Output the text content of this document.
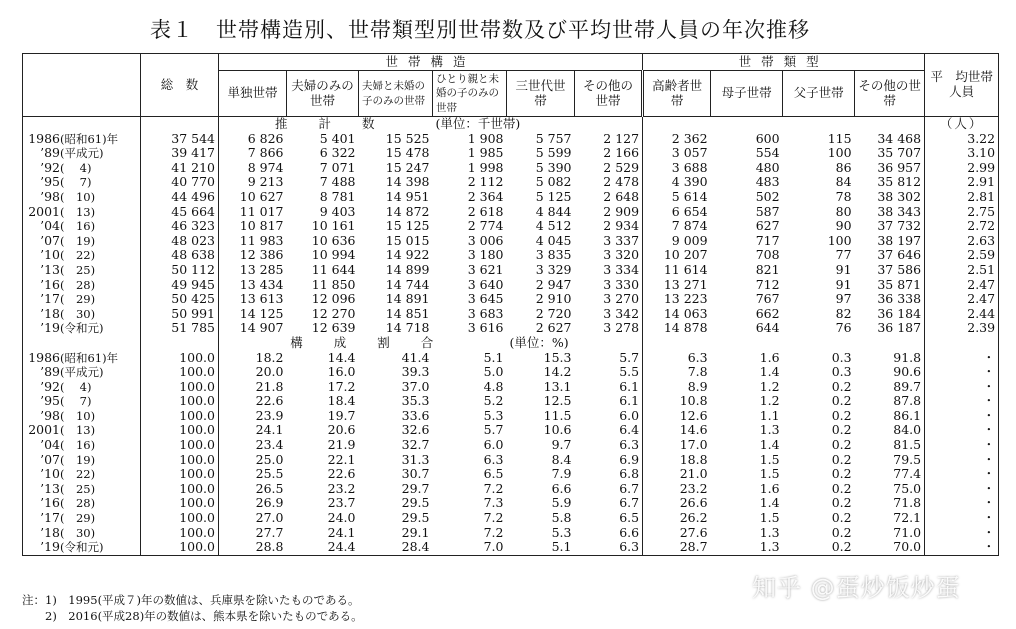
表１ 世帯構造別、世帯類型別世帯数及び平均世帯人員の年次推移
	総　数	世帯構造						世帯類型				平　均世帯人員
		単独世帯	夫婦のみの世帯	夫婦と未婚の子のみの世帯	ひとり親と未婚の子のみの世帯	三世代世帯	その他の世帯	高齢者世帯	母子世帯	父子世帯	その他の世帯	
		推　　計　　数			(単位：千世帯)							（人）
1986(昭和61)年	37 544	6 826	5 401	15 525	1 908	5 757	2 127	2 362	600	115	34 468	3.22
’89(平成元)	39 417	7 866	6 322	15 478	1 985	5 599	2 166	3 057	554	100	35 707	3.10
’92(　 4)	41 210	8 974	7 071	15 247	1 998	5 390	2 529	3 688	480	86	36 957	2.99
’95(　 7)	40 770	9 213	7 488	14 398	2 112	5 082	2 478	4 390	483	84	35 812	2.91
’98(　10)	44 496	10 627	8 781	14 951	2 364	5 125	2 648	5 614	502	78	38 302	2.81
2001(　13)	45 664	11 017	9 403	14 872	2 618	4 844	2 909	6 654	587	80	38 343	2.75
’04(　16)	46 323	10 817	10 161	15 125	2 774	4 512	2 934	7 874	627	90	37 732	2.72
’07(　19)	48 023	11 983	10 636	15 015	3 006	4 045	3 337	9 009	717	100	38 197	2.63
’10(　22)	48 638	12 386	10 994	14 922	3 180	3 835	3 320	10 207	708	77	37 646	2.59
’13(　25)	50 112	13 285	11 644	14 899	3 621	3 329	3 334	11 614	821	91	37 586	2.51
’16(　28)	49 945	13 434	11 850	14 744	3 640	2 947	3 330	13 271	712	91	35 871	2.47
’17(　29)	50 425	13 613	12 096	14 891	3 645	2 910	3 270	13 223	767	97	36 338	2.47
’18(　30)	50 991	14 125	12 270	14 851	3 683	2 720	3 342	14 063	662	82	36 184	2.44
’19(令和元)	51 785	14 907	12 639	14 718	3 616	2 627	3 278	14 878	644	76	36 187	2.39
		構　　成　　割　　合				(単位：%)						
1986(昭和61)年	100.0	18.2	14.4	41.4	5.1	15.3	5.7	6.3	1.6	0.3	91.8	・
’89(平成元)	100.0	20.0	16.0	39.3	5.0	14.2	5.5	7.8	1.4	0.3	90.6	・
’92(　 4)	100.0	21.8	17.2	37.0	4.8	13.1	6.1	8.9	1.2	0.2	89.7	・
’95(　 7)	100.0	22.6	18.4	35.3	5.2	12.5	6.1	10.8	1.2	0.2	87.8	・
’98(　10)	100.0	23.9	19.7	33.6	5.3	11.5	6.0	12.6	1.1	0.2	86.1	・
2001(　13)	100.0	24.1	20.6	32.6	5.7	10.6	6.4	14.6	1.3	0.2	84.0	・
’04(　16)	100.0	23.4	21.9	32.7	6.0	9.7	6.3	17.0	1.4	0.2	81.5	・
’07(　19)	100.0	25.0	22.1	31.3	6.3	8.4	6.9	18.8	1.5	0.2	79.5	・
’10(　22)	100.0	25.5	22.6	30.7	6.5	7.9	6.8	21.0	1.5	0.2	77.4	・
’13(　25)	100.0	26.5	23.2	29.7	7.2	6.6	6.7	23.2	1.6	0.2	75.0	・
’16(　28)	100.0	26.9	23.7	29.5	7.3	5.9	6.7	26.6	1.4	0.2	71.8	・
’17(　29)	100.0	27.0	24.0	29.5	7.2	5.8	6.5	26.2	1.5	0.2	72.1	・
’18(　30)	100.0	27.7	24.1	29.1	7.2	5.3	6.6	27.6	1.3	0.2	71.0	・
’19(令和元)	100.0	28.8	24.4	28.4	7.0	5.1	6.3	28.7	1.3	0.2	70.0	・
注：1)　1995(平成７)年の数値は、兵庫県を除いたものである。
　　2)　2016(平成28)年の数値は、熊本県を除いたものである。
知乎 @蛋炒饭炒蛋
